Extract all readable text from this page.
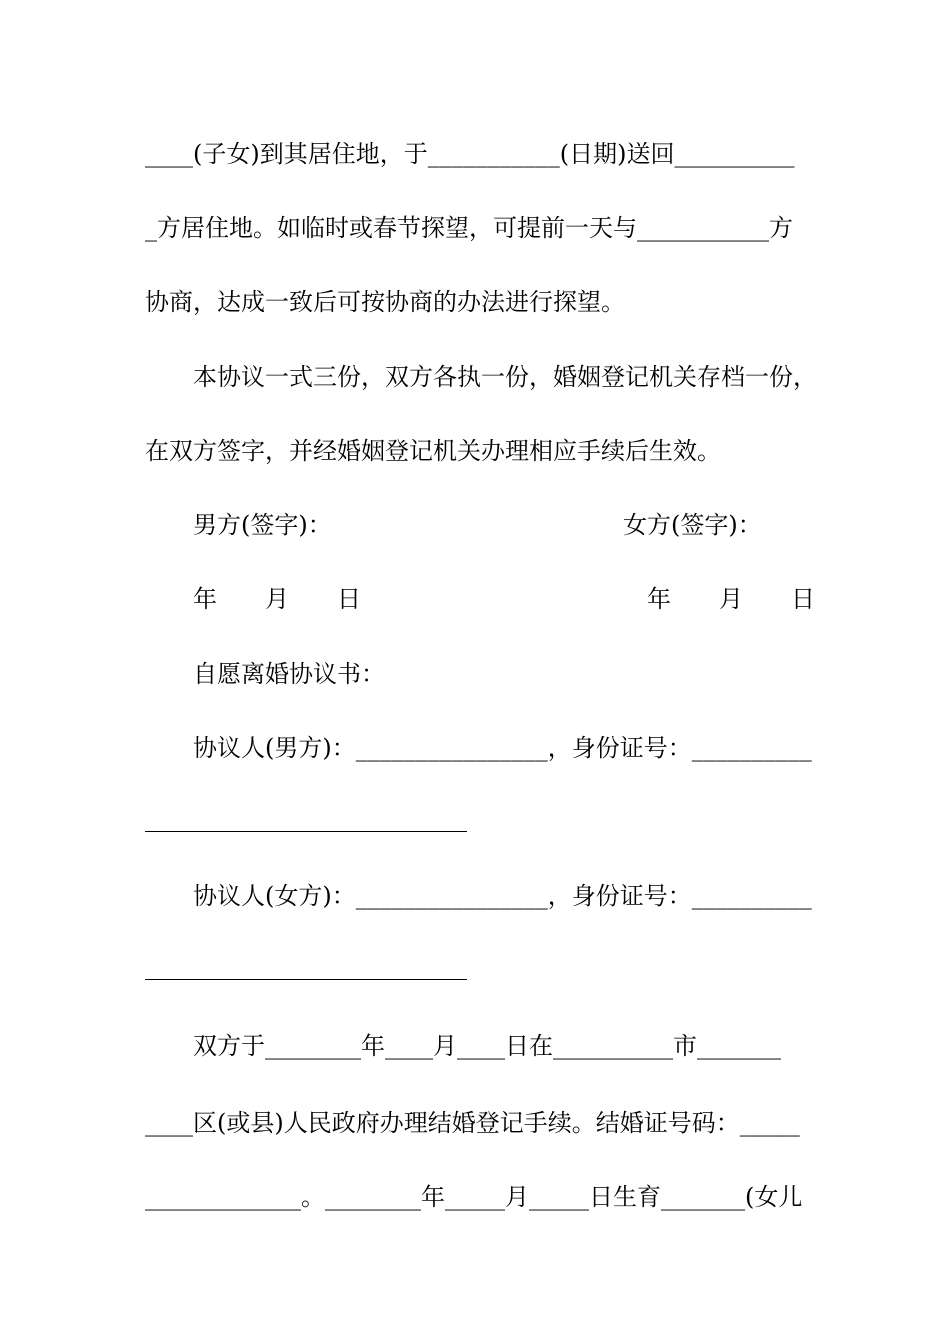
____(子女)到其居住地，于___________(日期)送回__________
_方居住地。如临时或春节探望，可提前一天与___________方
协商，达成一致后可按协商的办法进行探望。
本协议一式三份，双方各执一份，婚姻登记机关存档一份，
在双方签字，并经婚姻登记机关办理相应手续后生效。
男方(签字)：	女方(签字)：
年　　月　　日	年　　月　　日
自愿离婚协议书：
协议人(男方)：________________，身份证号：__________
协议人(女方)：________________，身份证号：__________
双方于________年____月____日在__________市_______
____区(或县)人民政府办理结婚登记手续。结婚证号码：_____
_____________。________年_____月_____日生育_______(女儿
